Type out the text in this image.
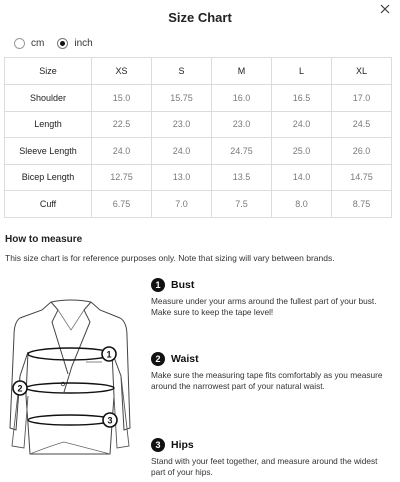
Size Chart
cm	inch
Size	XS	S	M	L	XL
Shoulder	15.0	15.75	16.0	16.5	17.0
Length	22.5	23.0	23.0	24.0	24.5
Sleeve Length	24.0	24.0	24.75	25.0	26.0
Bicep Length	12.75	13.0	13.5	14.0	14.75
Cuff	6.75	7.0	7.5	8.0	8.75
How to measure
This size chart is for reference purposes only. Note that sizing will vary between brands.
1
2
3
1	Bust
Measure under your arms around the fullest part of your bust. Make sure to keep the tape level!
2	Waist
Make sure the measuring tape fits comfortably as you measure around the narrowest part of your natural waist.
3	Hips
Stand with your feet together, and measure around the widest part of your hips.
